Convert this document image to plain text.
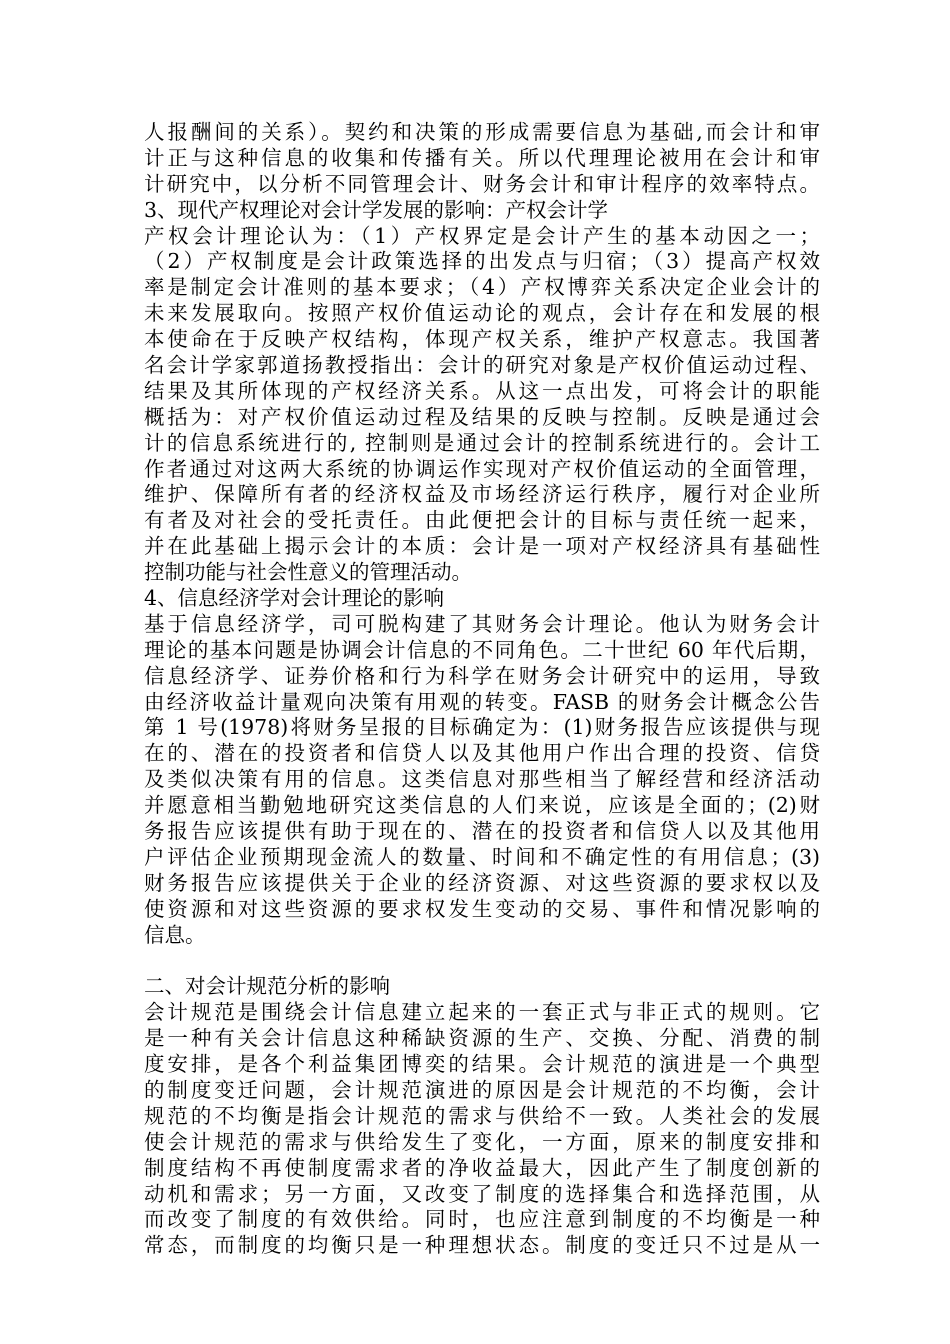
人报酬间的关系）。契约和决策的形成需要信息为基础,而会计和审
计正与这种信息的收集和传播有关。所以代理理论被用在会计和审
计研究中，以分析不同管理会计、财务会计和审计程序的效率特点。
3、现代产权理论对会计学发展的影响：产权会计学
产权会计理论认为：（1）产权界定是会计产生的基本动因之一；
（2）产权制度是会计政策选择的出发点与归宿；（3）提高产权效
率是制定会计准则的基本要求；（4）产权博弈关系决定企业会计的
未来发展取向。按照产权价值运动论的观点，会计存在和发展的根
本使命在于反映产权结构，体现产权关系，维护产权意志。我国著
名会计学家郭道扬教授指出：会计的研究对象是产权价值运动过程、
结果及其所体现的产权经济关系。从这一点出发，可将会计的职能
概括为：对产权价值运动过程及结果的反映与控制。反映是通过会
计的信息系统进行的, 控制则是通过会计的控制系统进行的。会计工
作者通过对这两大系统的协调运作实现对产权价值运动的全面管理，
维护、保障所有者的经济权益及市场经济运行秩序，履行对企业所
有者及对社会的受托责任。由此便把会计的目标与责任统一起来，
并在此基础上揭示会计的本质：会计是一项对产权经济具有基础性
控制功能与社会性意义的管理活动。
4、信息经济学对会计理论的影响
基于信息经济学，司可脱构建了其财务会计理论。他认为财务会计
理论的基本问题是协调会计信息的不同角色。二十世纪 60 年代后期，
信息经济学、证券价格和行为科学在财务会计研究中的运用，导致
由经济收益计量观向决策有用观的转变。FASB 的财务会计概念公告
第 1 号(1978)将财务呈报的目标确定为：(1)财务报告应该提供与现
在的、潜在的投资者和信贷人以及其他用户作出合理的投资、信贷
及类似决策有用的信息。这类信息对那些相当了解经营和经济活动
并愿意相当勤勉地研究这类信息的人们来说，应该是全面的；(2)财
务报告应该提供有助于现在的、潜在的投资者和信贷人以及其他用
户评估企业预期现金流人的数量、时间和不确定性的有用信息；(3)
财务报告应该提供关于企业的经济资源、对这些资源的要求权以及
使资源和对这些资源的要求权发生变动的交易、事件和情况影响的
信息。
二、对会计规范分析的影响
会计规范是围绕会计信息建立起来的一套正式与非正式的规则。它
是一种有关会计信息这种稀缺资源的生产、交换、分配、消费的制
度安排，是各个利益集团博奕的结果。会计规范的演进是一个典型
的制度变迁问题，会计规范演进的原因是会计规范的不均衡，会计
规范的不均衡是指会计规范的需求与供给不一致。人类社会的发展
使会计规范的需求与供给发生了变化，一方面，原来的制度安排和
制度结构不再使制度需求者的净收益最大，因此产生了制度创新的
动机和需求；另一方面，又改变了制度的选择集合和选择范围，从
而改变了制度的有效供给。同时，也应注意到制度的不均衡是一种
常态，而制度的均衡只是一种理想状态。制度的变迁只不过是从一
